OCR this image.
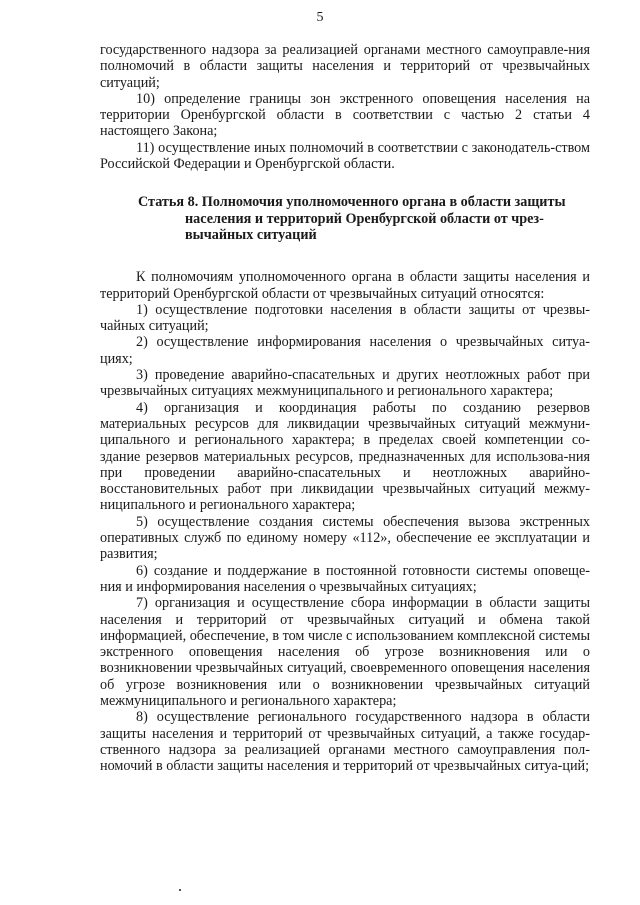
5

государственного надзора за реализацией органами местного самоуправле-ния полномочий в области защиты населения и территорий от чрезвычайных ситуаций;

10) определение границы зон экстренного оповещения населения на территории Оренбургской области в соответствии с частью 2 статьи 4 настоящего Закона;

11) осуществление иных полномочий в соответствии с законодатель-ством Российской Федерации и Оренбургской области.

Статья 8. Полномочия уполномоченного органа в области защиты
населения и территорий Оренбургской области от чрез-вычайных ситуаций

К полномочиям уполномоченного органа в области защиты населения и территорий Оренбургской области от чрезвычайных ситуаций относятся:

1) осуществление подготовки населения в области защиты от чрезвы-чайных ситуаций;

2) осуществление информирования населения о чрезвычайных ситуа-циях;

3) проведение аварийно-спасательных и других неотложных работ при чрезвычайных ситуациях межмуниципального и регионального характера;

4) организация и координация работы по созданию резервов материальных ресурсов для ликвидации чрезвычайных ситуаций межмуни-ципального и регионального характера; в пределах своей компетенции со-здание резервов материальных ресурсов, предназначенных для использова-ния при проведении аварийно-спасательных и неотложных аварийно-восстановительных работ при ликвидации чрезвычайных ситуаций межму-ниципального и регионального характера;

5) осуществление создания системы обеспечения вызова экстренных оперативных служб по единому номеру «112», обеспечение ее эксплуатации и развития;

6) создание и поддержание в постоянной готовности системы оповеще-ния и информирования населения о чрезвычайных ситуациях;

7) организация и осуществление сбора информации в области защиты населения и территорий от чрезвычайных ситуаций и обмена такой информацией, обеспечение, в том числе с использованием комплексной системы экстренного оповещения населения об угрозе возникновения или о возникновении чрезвычайных ситуаций, своевременного оповещения населения об угрозе возникновения или о возникновении чрезвычайных ситуаций межмуниципального и регионального характера;

8) осуществление регионального государственного надзора в области защиты населения и территорий от чрезвычайных ситуаций, а также государ-ственного надзора за реализацией органами местного самоуправления пол-номочий в области защиты населения и территорий от чрезвычайных ситуа-ций;
